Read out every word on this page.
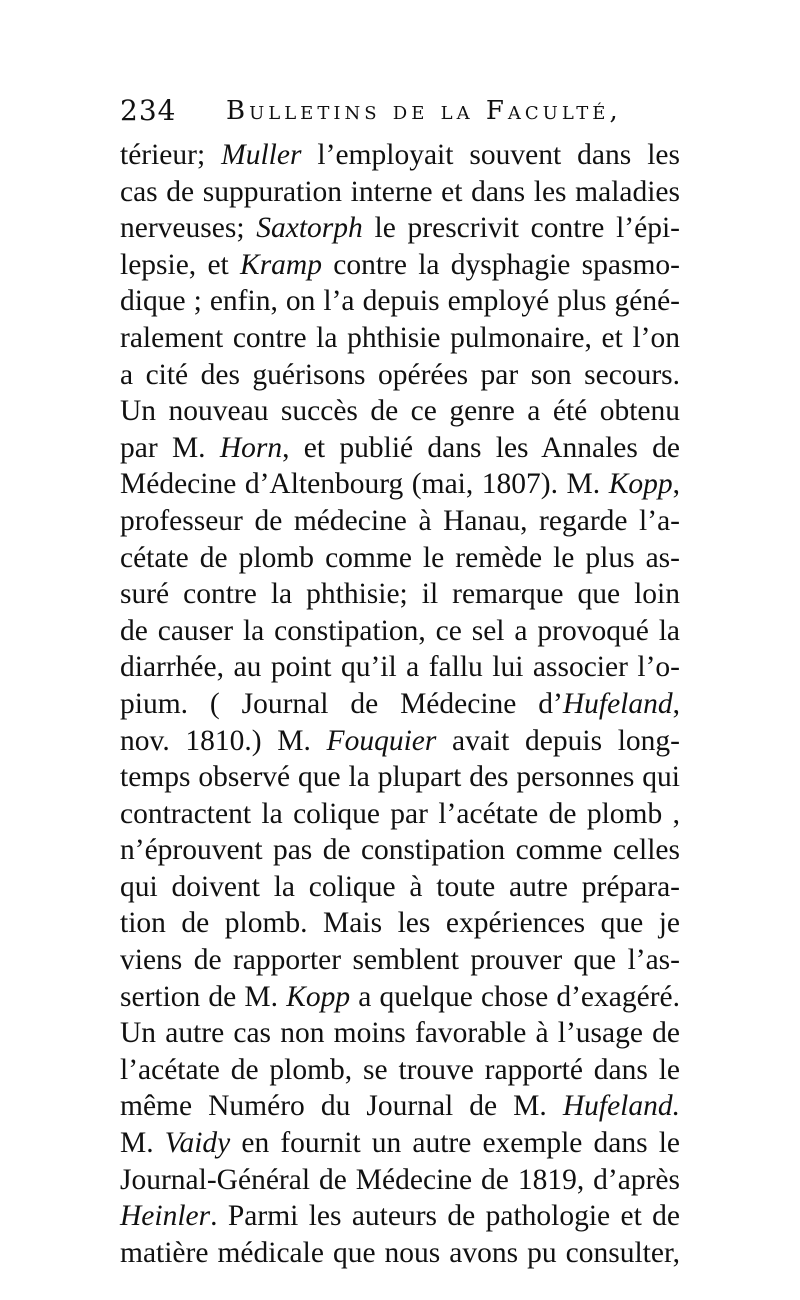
234 Bulletins de la Faculté,
térieur; Muller l’employait souvent dans les
cas de suppuration interne et dans les maladies
nerveuses; Saxtorph le prescrivit contre l’épi-
lepsie, et Kramp contre la dysphagie spasmo-
dique ; enfin, on l’a depuis employé plus géné-
ralement contre la phthisie pulmonaire, et l’on
a cité des guérisons opérées par son secours.
Un nouveau succès de ce genre a été obtenu
par M. Horn, et publié dans les Annales de
Médecine d’Altenbourg (mai, 1807). M. Kopp,
professeur de médecine à Hanau, regarde l’a-
cétate de plomb comme le remède le plus as-
suré contre la phthisie; il remarque que loin
de causer la constipation, ce sel a provoqué la
diarrhée, au point qu’il a fallu lui associer l’o-
pium. ( Journal de Médecine d’Hufeland,
nov. 1810.) M. Fouquier avait depuis long-
temps observé que la plupart des personnes qui
contractent la colique par l’acétate de plomb ,
n’éprouvent pas de constipation comme celles
qui doivent la colique à toute autre prépara-
tion de plomb. Mais les expériences que je
viens de rapporter semblent prouver que l’as-
sertion de M. Kopp a quelque chose d’exagéré.
Un autre cas non moins favorable à l’usage de
l’acétate de plomb, se trouve rapporté dans le
même Numéro du Journal de M. Hufeland.
M. Vaidy en fournit un autre exemple dans le
Journal-Général de Médecine de 1819, d’après
Heinler. Parmi les auteurs de pathologie et de
matière médicale que nous avons pu consulter,
